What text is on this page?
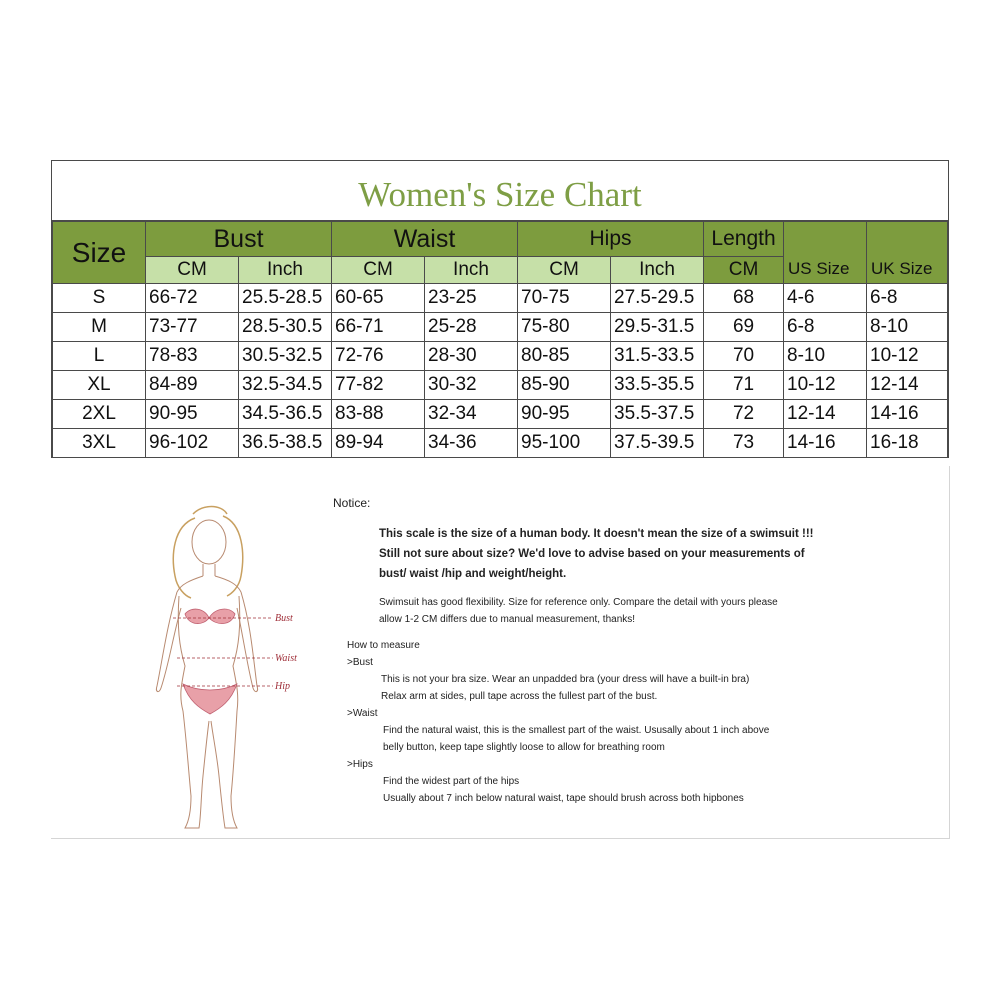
Women's Size Chart
Size	Bust		Waist		Hips		Length	US Size	UK Size
	CM	Inch	CM	Inch	CM	Inch	CM		
S	66-72	25.5-28.5	60-65	23-25	70-75	27.5-29.5	68	4-6	6-8
M	73-77	28.5-30.5	66-71	25-28	75-80	29.5-31.5	69	6-8	8-10
L	78-83	30.5-32.5	72-76	28-30	80-85	31.5-33.5	70	8-10	10-12
XL	84-89	32.5-34.5	77-82	30-32	85-90	33.5-35.5	71	10-12	12-14
2XL	90-95	34.5-36.5	83-88	32-34	90-95	35.5-37.5	72	12-14	14-16
3XL	96-102	36.5-38.5	89-94	34-36	95-100	37.5-39.5	73	14-16	16-18
Bust
Waist
Hip
Notice:
This scale is the size of a human body. It doesn't mean the size of a swimsuit !!!
Still not sure about size? We'd love to advise based on your measurements of
bust/ waist /hip and weight/height.
Swimsuit has good flexibility. Size for reference only. Compare the detail with yours please
allow 1-2 CM differs due to manual measurement, thanks!
How to measure
>Bust
This is not your bra size. Wear an unpadded bra (your dress will have a built-in bra)
Relax arm at sides, pull tape across the fullest part of the bust.
>Waist
Find the natural waist, this is the smallest part of the waist. Ususally about 1 inch above
belly button, keep tape slightly loose to allow for breathing room
>Hips
Find the widest part of the hips
Usually about 7 inch below natural waist, tape should brush across both hipbones
